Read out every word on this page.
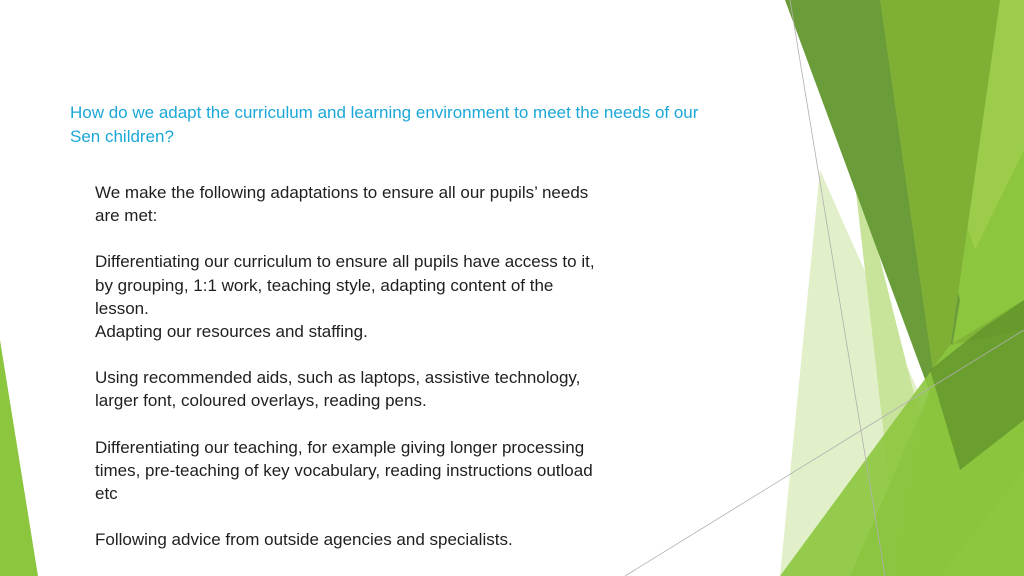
How do we adapt the curriculum and learning environment to meet the needs of our Sen children?

We make the following adaptations to ensure all our pupils’ needs
are met:

Differentiating our curriculum to ensure all pupils have access to it,
by grouping, 1:1 work, teaching style, adapting content of the
lesson.
Adapting our resources and staffing.

Using recommended aids, such as laptops, assistive technology,
larger font, coloured overlays, reading pens.

Differentiating our teaching, for example giving longer processing
times, pre-teaching of key vocabulary, reading instructions outload
etc

Following advice from outside agencies and specialists.
